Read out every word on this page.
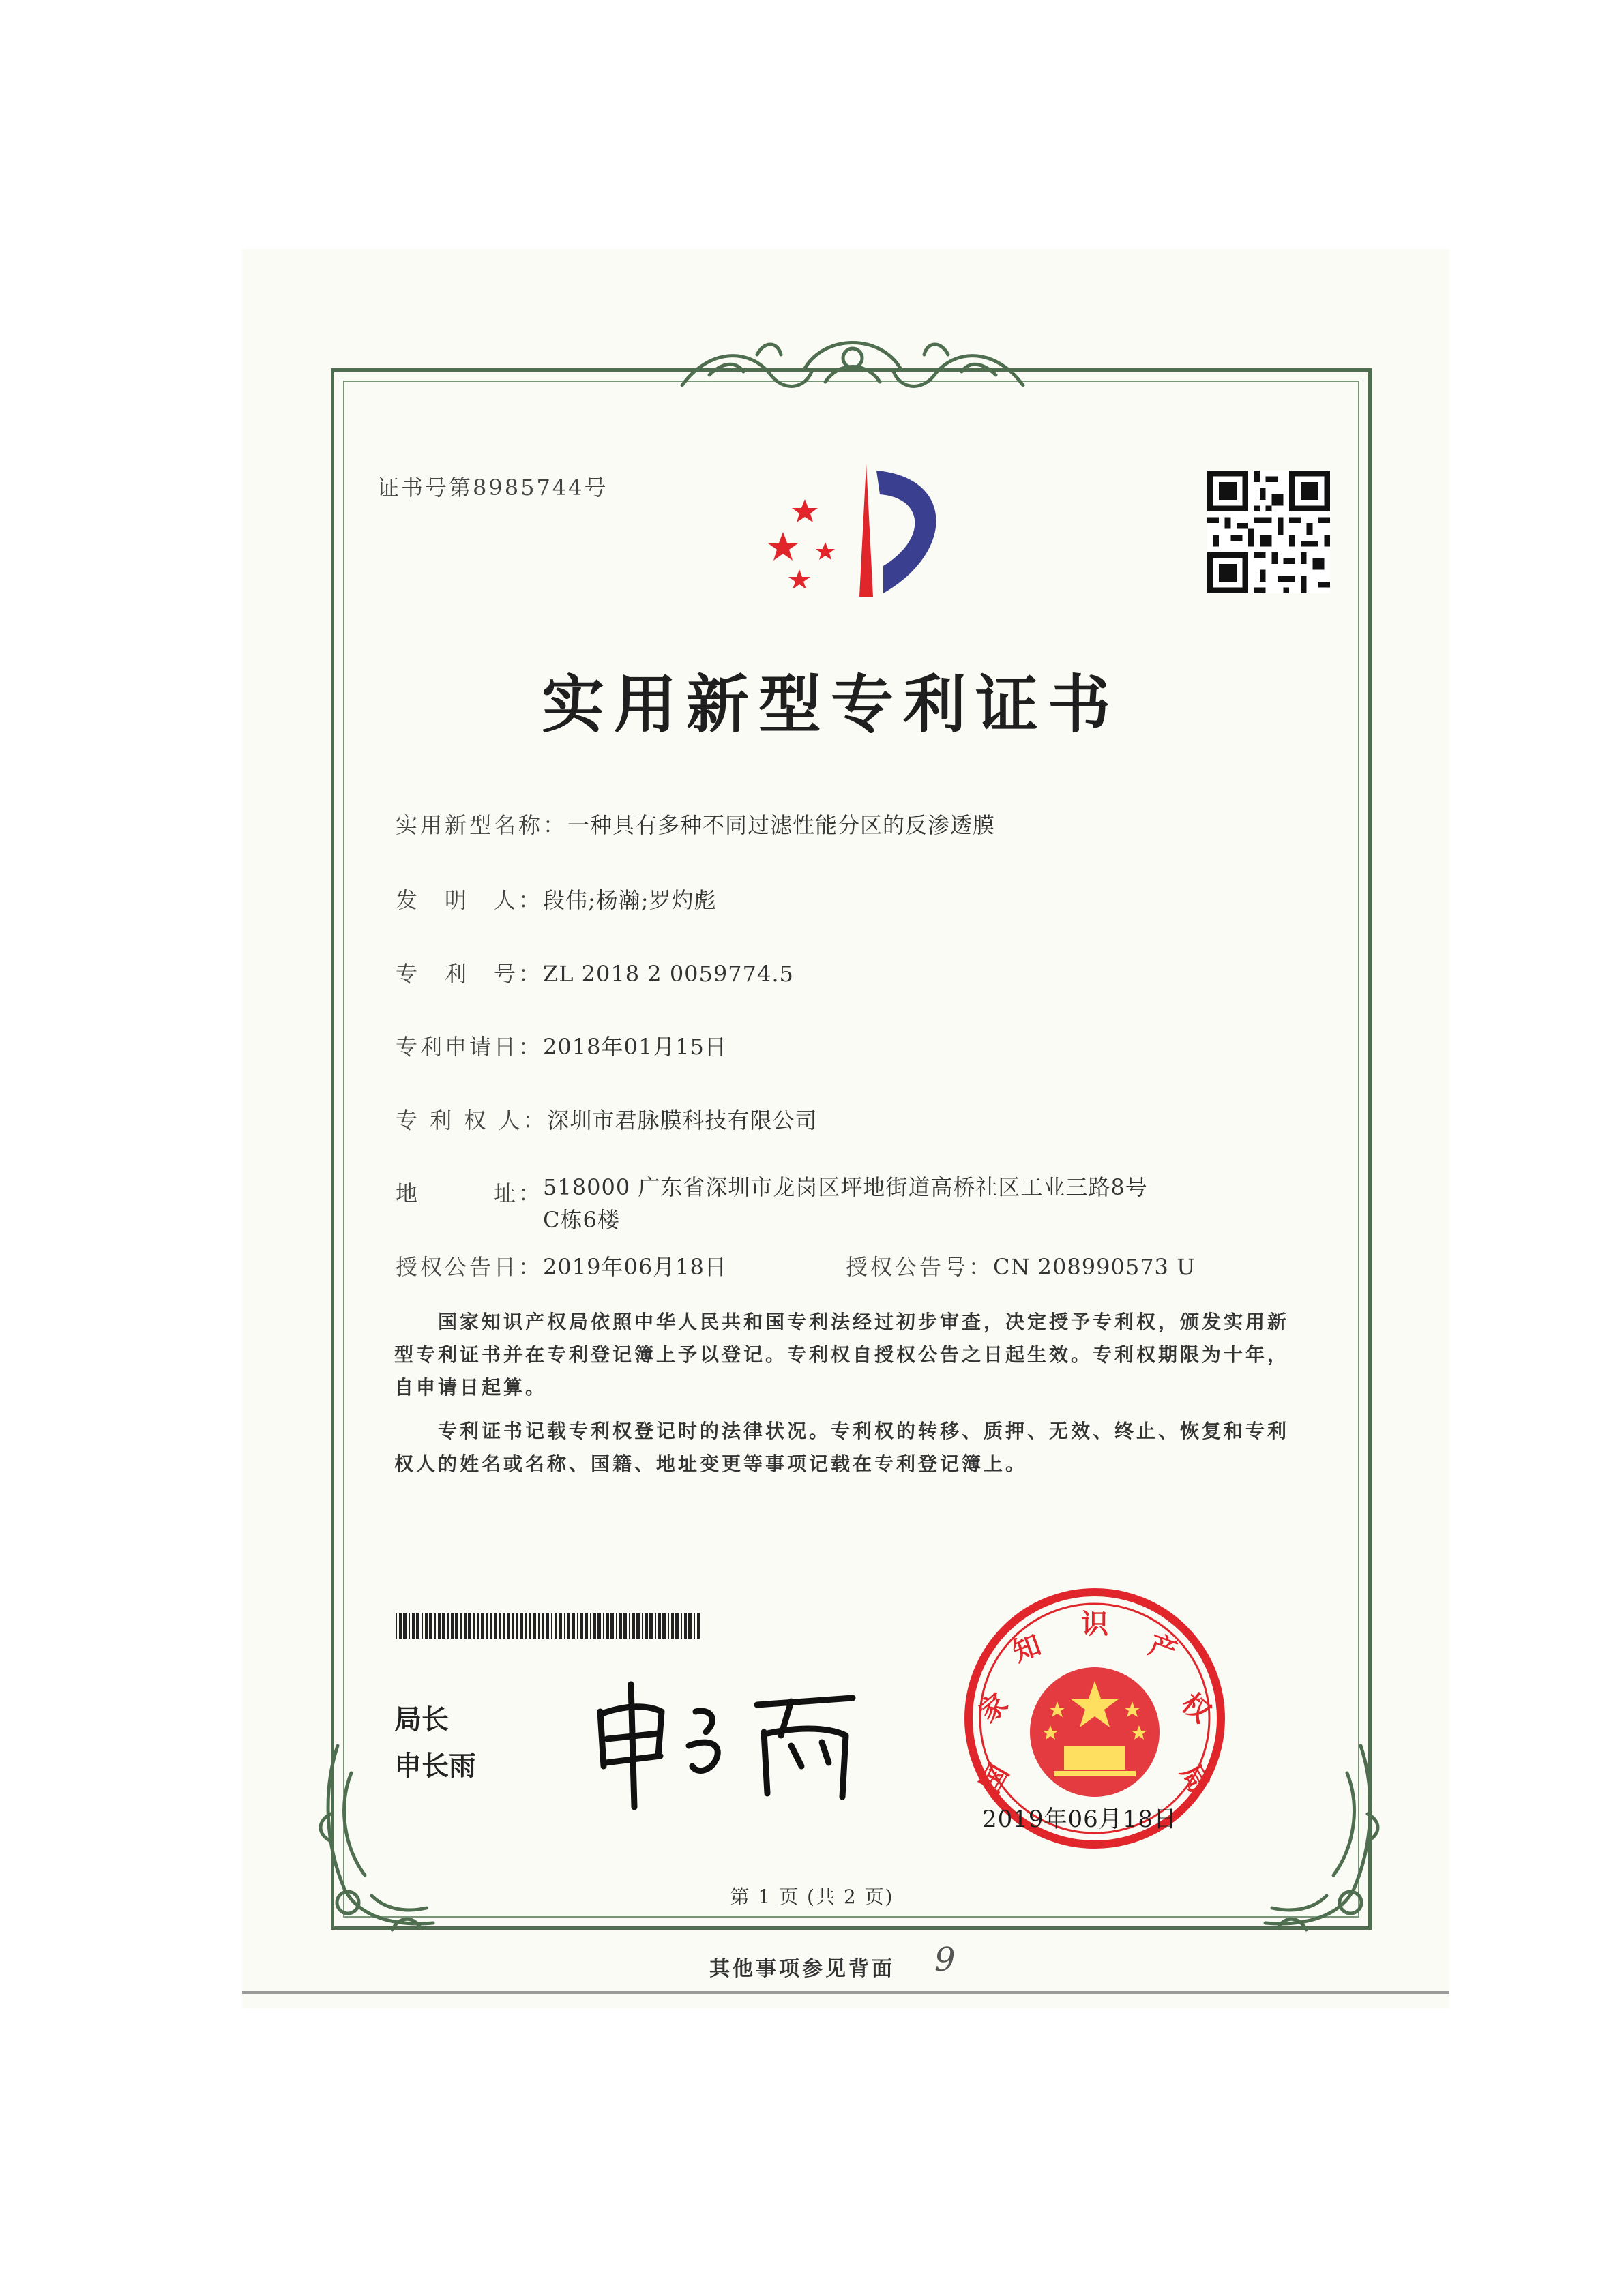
证书号第8985744号
实用新型专利证书
实用新型名称：一种具有多种不同过滤性能分区的反渗透膜
发　明　人：段伟;杨瀚;罗灼彪
专　利　号：ZL 2018 2 0059774.5
专利申请日：2018年01月15日
专 利 权 人：深圳市君脉膜科技有限公司
地　　　址：518000 广东省深圳市龙岗区坪地街道高桥社区工业三路8号C栋6楼
授权公告日：2019年06月18日	授权公告号：CN 208990573 U
国家知识产权局依照中华人民共和国专利法经过初步审查，决定授予专利权，颁发实用新型专利证书并在专利登记簿上予以登记。专利权自授权公告之日起生效。专利权期限为十年，自申请日起算。
专利证书记载专利权登记时的法律状况。专利权的转移、质押、无效、终止、恢复和专利权人的姓名或名称、国籍、地址变更等事项记载在专利登记簿上。
局长
申长雨	国
家
知
识
产
权
局
2019年06月18日
第 1 页 (共 2 页)
其他事项参见背面 9
